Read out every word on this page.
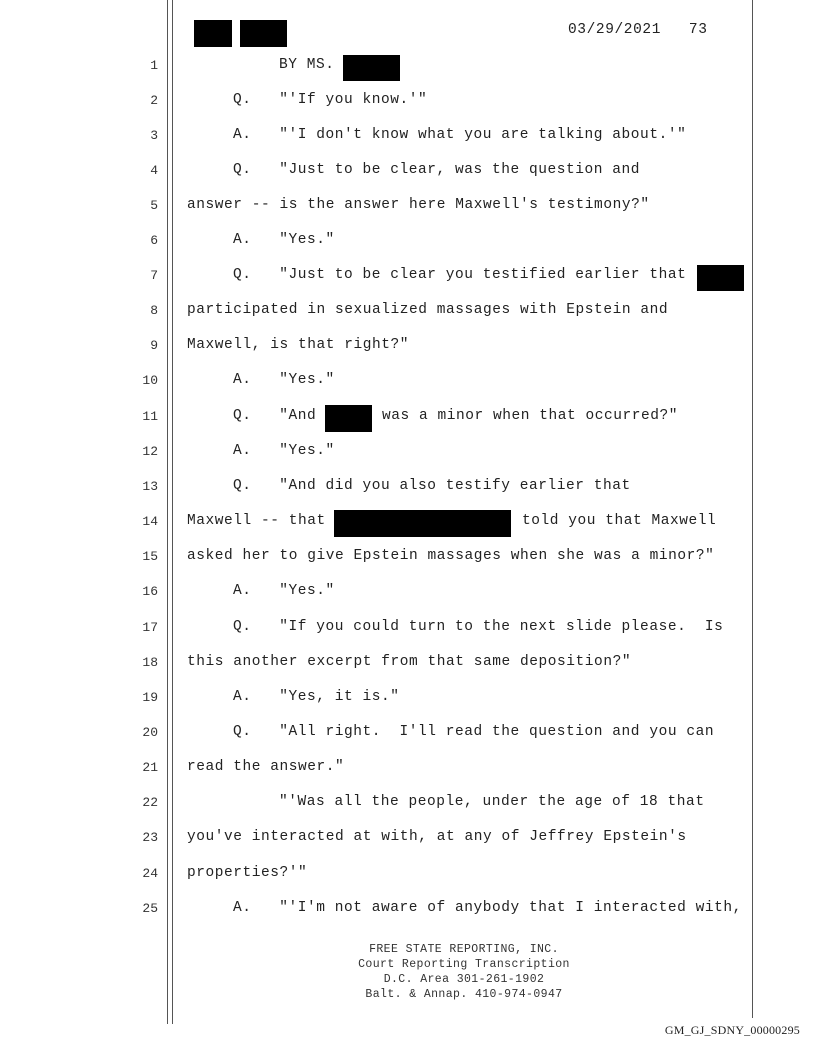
03/29/2021 73
1
2
3
4
5
6
7
8
9
10
11
12
13
14
15
16
17
18
19
20
21
22
23
24
25
BY MS.
Q.   "'If you know.'"
A.   "'I don't know what you are talking about.'"
Q.   "Just to be clear, was the question and
answer -- is the answer here Maxwell's testimony?"
A.   "Yes."
Q.   "Just to be clear you testified earlier that
participated in sexualized massages with Epstein and
Maxwell, is that right?"
A.   "Yes."
Q.   "And	was a minor when that occurred?"
A.   "Yes."
Q.   "And did you also testify earlier that
Maxwell -- that	told you that Maxwell
asked her to give Epstein massages when she was a minor?"
A.   "Yes."
Q.   "If you could turn to the next slide please.  Is
this another excerpt from that same deposition?"
A.   "Yes, it is."
Q.   "All right.  I'll read the question and you can
read the answer."
"'Was all the people, under the age of 18 that
you've interacted at with, at any of Jeffrey Epstein's
properties?'"
A.   "'I'm not aware of anybody that I interacted with,
FREE STATE REPORTING, INC.
Court Reporting Transcription
D.C. Area 301-261-1902
Balt. & Annap. 410-974-0947
GM_GJ_SDNY_00000295
